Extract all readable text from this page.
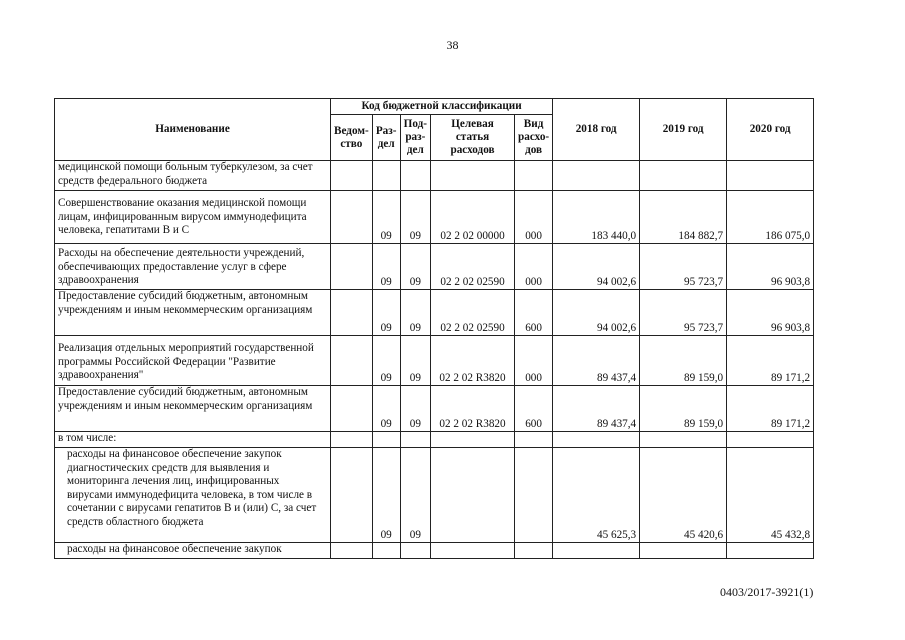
38
Наименование	Код бюджетной классификации					2018 год	2019 год	2020 год
	Ведом-ство	Раз-дел	Под-раз-дел	Целевая статья расходов	Вид расхо-дов			
медицинской помощи больным туберкулезом, за счет средств федерального бюджета								
Совершенствование оказания медицинской помощи лицам, инфицированным вирусом иммунодефицита человека, гепатитами В и С		09	09	02 2 02 00000	000	183 440,0	184 882,7	186 075,0
Расходы на обеспечение деятельности учреждений, обеспечивающих предоставление услуг в сфере здравоохранения		09	09	02 2 02 02590	000	94 002,6	95 723,7	96 903,8
Предоставление субсидий бюджетным, автономным учреждениям и иным некоммерческим организациям		09	09	02 2 02 02590	600	94 002,6	95 723,7	96 903,8
Реализация отдельных мероприятий государственной программы Российской Федерации "Развитие здравоохранения"		09	09	02 2 02 R3820	000	89 437,4	89 159,0	89 171,2
Предоставление субсидий бюджетным, автономным учреждениям и иным некоммерческим организациям		09	09	02 2 02 R3820	600	89 437,4	89 159,0	89 171,2
в том числе:								
расходы на финансовое обеспечение закупок диагностических средств для выявления и мониторинга лечения лиц, инфицированных вирусами иммунодефицита человека, в том числе в сочетании с вирусами гепатитов В и (или) С, за счет средств областного бюджета		09	09			45 625,3	45 420,6	45 432,8
расходы на финансовое обеспечение закупок								
0403/2017-3921(1)
